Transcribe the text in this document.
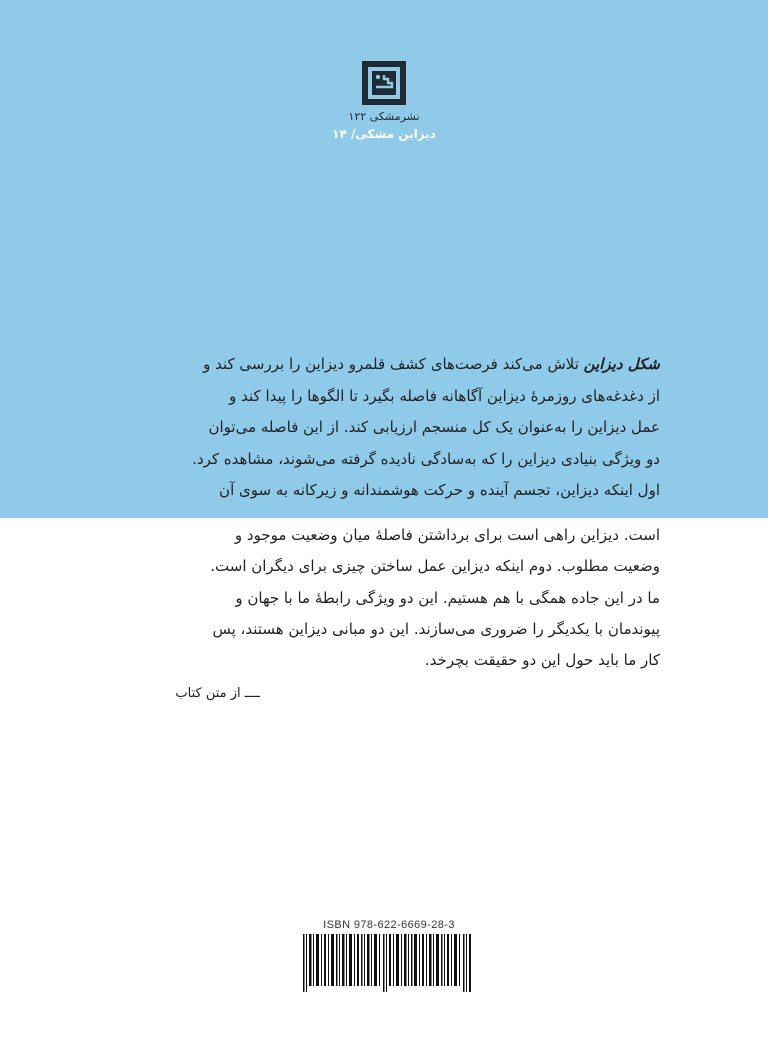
نشرمشکی ۱۲۲
دیزاین مشکی/ ۱۴
شکل دیزاین تلاش می‌کند فرصت‌های کشف قلمرو دیزاین را بررسی کند و
از دغدغه‌های روزمرهٔ دیزاین آگاهانه فاصله بگیرد تا الگوها را پیدا کند و
عمل دیزاین را به‌عنوان یک کل منسجم ارزیابی کند. از این فاصله می‌توان
دو ویژگی بنیادی دیزاین را که به‌سادگی نادیده گرفته می‌شوند، مشاهده کرد.
اول اینکه دیزاین، تجسم آینده و حرکت هوشمندانه و زیرکانه به سوی آن
است. دیزاین راهی است برای برداشتن فاصلهٔ میان وضعیت موجود و
وضعیت مطلوب. دوم اینکه دیزاین عملِ ساختن چیزی برای دیگران است.
ما در این جاده همگی با هم هستیم. این دو ویژگی رابطهٔ ما با جهان و
پیوندمان با یکدیگر را ضروری می‌سازند. این دو مبانی دیزاین هستند، پس
کار ما باید حول این دو حقیقت بچرخد.
ــــ از متن کتاب
ISBN 978-622-6669-28-3
